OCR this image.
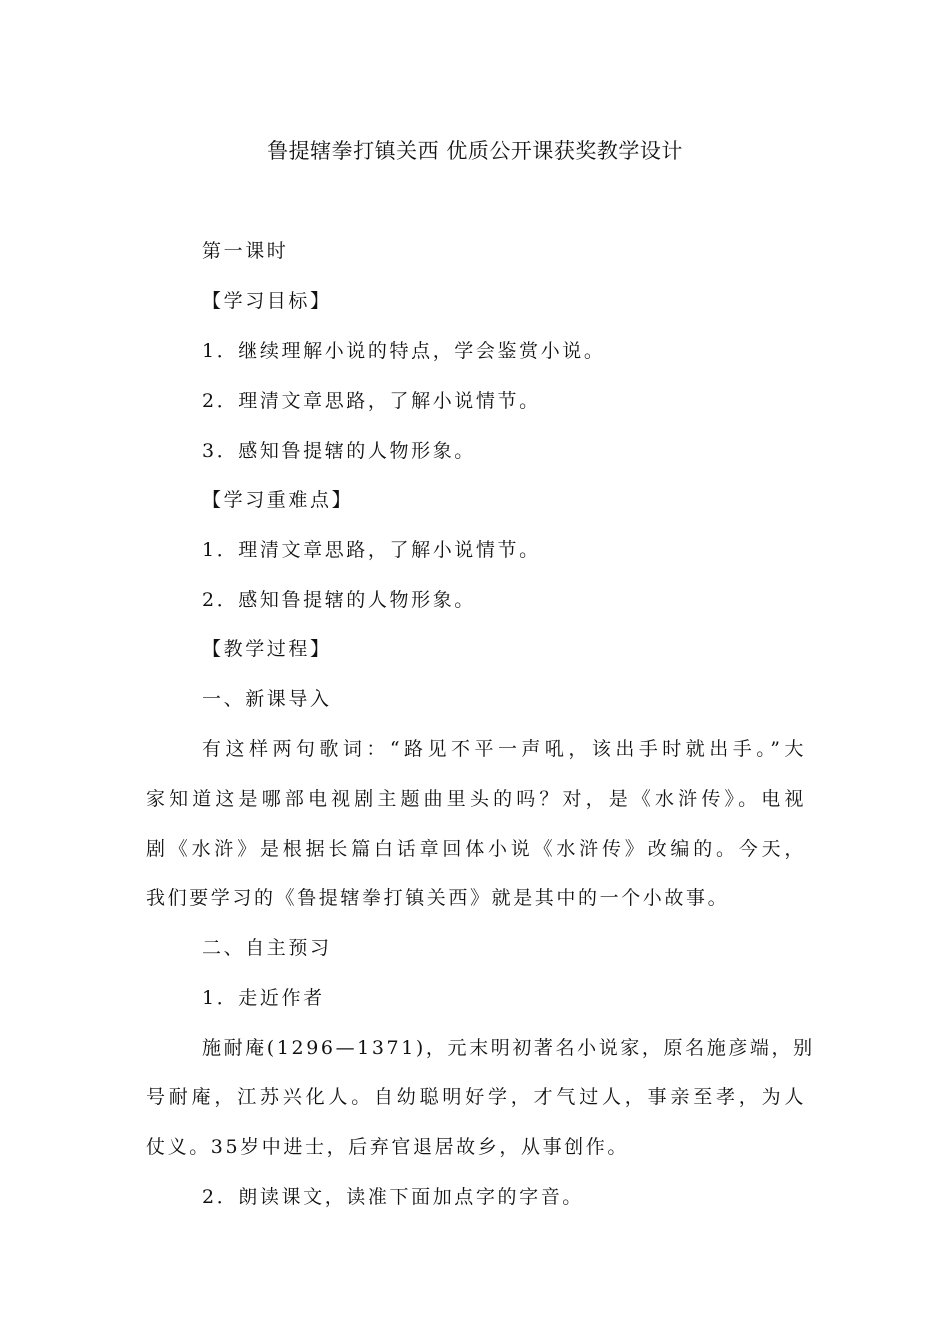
鲁提辖拳打镇关西 优质公开课获奖教学设计
第一课时
【学习目标】
1．继续理解小说的特点，学会鉴赏小说。
2．理清文章思路，了解小说情节。
3．感知鲁提辖的人物形象。
【学习重难点】
1．理清文章思路，了解小说情节。
2．感知鲁提辖的人物形象。
【教学过程】
一、新课导入
有这样两句歌词：“路见不平一声吼，该出手时就出手。”大
家知道这是哪部电视剧主题曲里头的吗？对，是《水浒传》。电视
剧《水浒》是根据长篇白话章回体小说《水浒传》改编的。今天，
我们要学习的《鲁提辖拳打镇关西》就是其中的一个小故事。
二、自主预习
1．走近作者
施耐庵(1296—1371)，元末明初著名小说家，原名施彦端，别
号耐庵，江苏兴化人。自幼聪明好学，才气过人，事亲至孝，为人
仗义。35岁中进士，后弃官退居故乡，从事创作。
2．朗读课文，读准下面加点字的字音。
